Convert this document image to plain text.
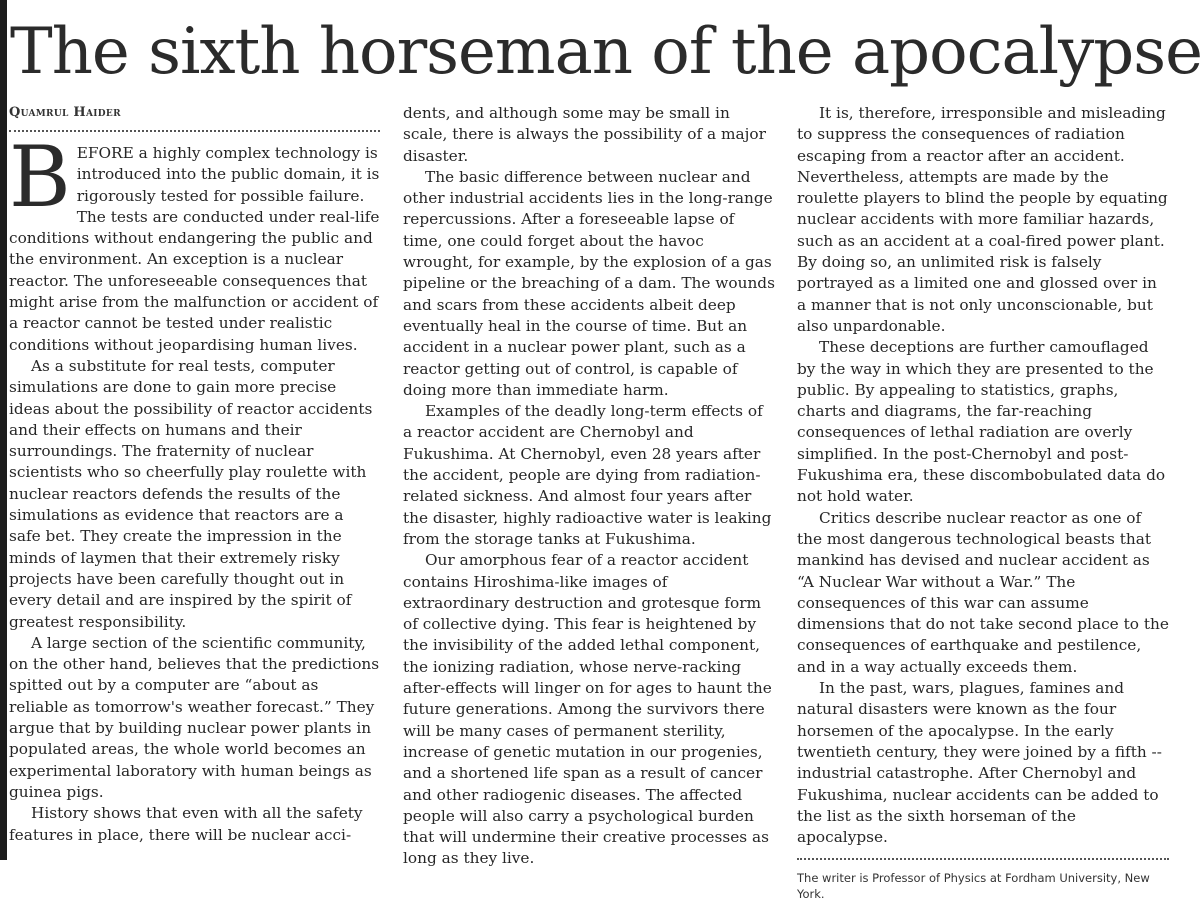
The sixth horseman of the apocalypse
Quamrul Haider

BEFORE a highly complex technology is introduced into the public domain, it is rigorously tested for possible failure. The tests are conducted under real-life conditions without endangering the public and the environment. An exception is a nuclear reactor. The unforeseeable consequences that might arise from the malfunction or accident of a reactor cannot be tested under realistic conditions without jeopardising human lives.

As a substitute for real tests, computer simulations are done to gain more precise ideas about the possibility of reactor accidents and their effects on humans and their surroundings. The fraternity of nuclear scientists who so cheerfully play roulette with nuclear reactors defends the results of the simulations as evidence that reactors are a safe bet. They create the impression in the minds of laymen that their extremely risky projects have been carefully thought out in every detail and are inspired by the spirit of greatest responsibility.

A large section of the scientific community, on the other hand, believes that the predictions spitted out by a computer are “about as reliable as tomorrow's weather forecast.” They argue that by building nuclear power plants in populated areas, the whole world becomes an experimental laboratory with human beings as guinea pigs.

History shows that even with all the safety features in place, there will be nuclear acci-

dents, and although some may be small in scale, there is always the possibility of a major disaster.

The basic difference between nuclear and other industrial accidents lies in the long-range repercussions. After a foreseeable lapse of time, one could forget about the havoc wrought, for example, by the explosion of a gas pipeline or the breaching of a dam. The wounds and scars from these accidents albeit deep eventually heal in the course of time. But an accident in a nuclear power plant, such as a reactor getting out of control, is capable of doing more than immediate harm.

Examples of the deadly long-term effects of a reactor accident are Chernobyl and Fukushima. At Chernobyl, even 28 years after the accident, people are dying from radiation-related sickness. And almost four years after the disaster, highly radioactive water is leaking from the storage tanks at Fukushima.

Our amorphous fear of a reactor accident contains Hiroshima-like images of extraordinary destruction and grotesque form of collective dying. This fear is heightened by the invisibility of the added lethal component, the ionizing radiation, whose nerve-racking after-effects will linger on for ages to haunt the future generations. Among the survivors there will be many cases of permanent sterility, increase of genetic mutation in our progenies, and a shortened life span as a result of cancer and other radiogenic diseases. The affected people will also carry a psychological burden that will undermine their creative processes as long as they live.

It is, therefore, irresponsible and misleading to suppress the consequences of radiation escaping from a reactor after an accident. Nevertheless, attempts are made by the roulette players to blind the people by equating nuclear accidents with more familiar hazards, such as an accident at a coal-fired power plant. By doing so, an unlimited risk is falsely portrayed as a limited one and glossed over in a manner that is not only unconscionable, but also unpardonable.

These deceptions are further camouflaged by the way in which they are presented to the public. By appealing to statistics, graphs, charts and diagrams, the far-reaching consequences of lethal radiation are overly simplified. In the post-Chernobyl and post-Fukushima era, these discombobulated data do not hold water.

Critics describe nuclear reactor as one of the most dangerous technological beasts that mankind has devised and nuclear accident as “A Nuclear War without a War.” The consequences of this war can assume dimensions that do not take second place to the consequences of earthquake and pestilence, and in a way actually exceeds them.

In the past, wars, plagues, famines and natural disasters were known as the four horsemen of the apocalypse. In the early twentieth century, they were joined by a fifth -- industrial catastrophe. After Chernobyl and Fukushima, nuclear accidents can be added to the list as the sixth horseman of the apocalypse.

The writer is Professor of Physics at Fordham University, New York.
